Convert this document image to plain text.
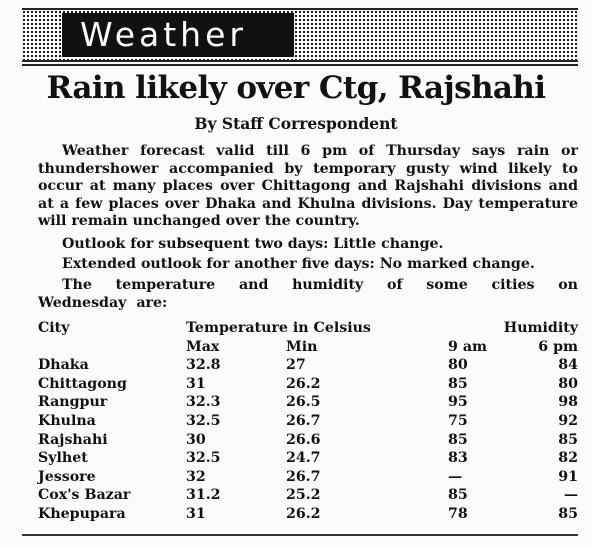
Weather
Rain likely over Ctg, Rajshahi
By Staff Correspondent
Weather forecast valid till 6 pm of Thursday says rain or thundershower accompanied by temporary gusty wind likely to occur at many places over Chittagong and Rajshahi divisions and at a few places over Dhaka and Khulna divisions. Day temperature will remain unchanged over the country.
Outlook for subsequent two days: Little change.
Extended outlook for another five days: No marked change.
The temperature and humidity of some cities on Wednesday are:
City	Temperature in Celsius		Humidity	
	Max	Min	9 am	6 pm
Dhaka	32.8	27	80	84
Chittagong	31	26.2	85	80
Rangpur	32.3	26.5	95	98
Khulna	32.5	26.7	75	92
Rajshahi	30	26.6	85	85
Sylhet	32.5	24.7	83	82
Jessore	32	26.7	—	91
Cox's Bazar	31.2	25.2	85	—
Khepupara	31	26.2	78	85
